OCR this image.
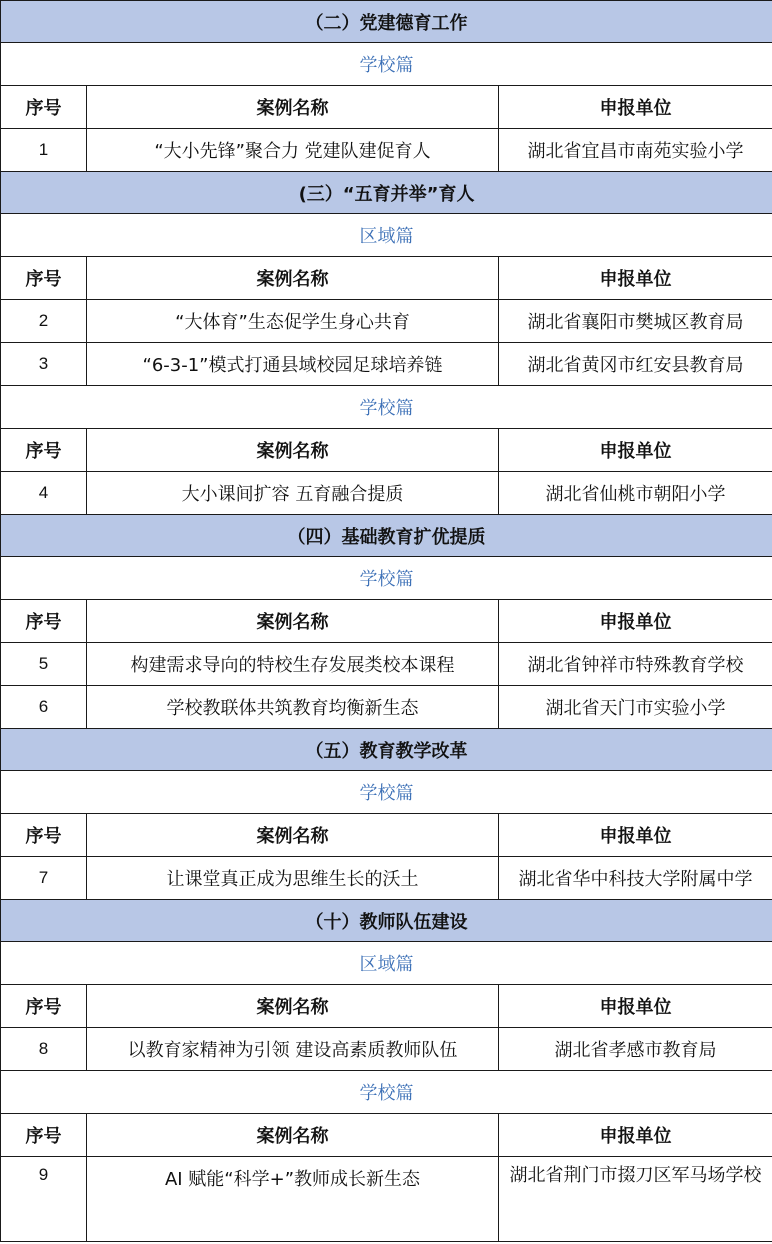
（二）党建德育工作		
学校篇		
序号	案例名称	申报单位
1	“大小先锋”聚合力 党建队建促育人	湖北省宜昌市南苑实验小学
(三）“五育并举”育人		
区域篇		
序号	案例名称	申报单位
2	“大体育”生态促学生身心共育	湖北省襄阳市樊城区教育局
3	“6-3-1”模式打通县域校园足球培养链	湖北省黄冈市红安县教育局
学校篇		
序号	案例名称	申报单位
4	大小课间扩容 五育融合提质	湖北省仙桃市朝阳小学
（四）基础教育扩优提质		
学校篇		
序号	案例名称	申报单位
5	构建需求导向的特校生存发展类校本课程	湖北省钟祥市特殊教育学校
6	学校教联体共筑教育均衡新生态	湖北省天门市实验小学
（五）教育教学改革		
学校篇		
序号	案例名称	申报单位
7	让课堂真正成为思维生长的沃土	湖北省华中科技大学附属中学
（十）教师队伍建设		
区域篇		
序号	案例名称	申报单位
8	以教育家精神为引领 建设高素质教师队伍	湖北省孝感市教育局
学校篇		
序号	案例名称	申报单位
9	AI 赋能“科学+”教师成长新生态	湖北省荆门市掇刀区军马场学校
